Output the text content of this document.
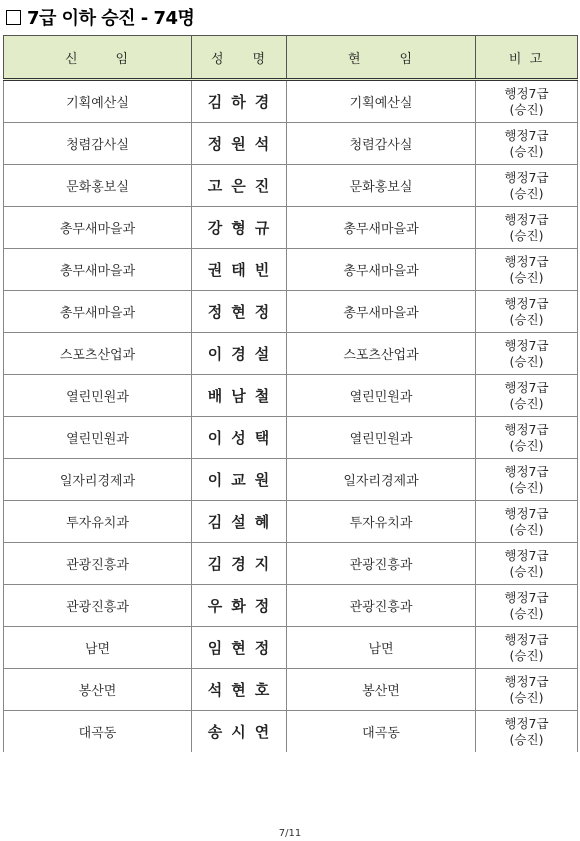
7급 이하 승진 - 74명
신 임	성 명	현 임	비 고
기획예산실	김하경	기획예산실	행정7급
(승진)

청렴감사실	정원석	청렴감사실	행정7급
(승진)

문화홍보실	고은진	문화홍보실	행정7급
(승진)

총무새마을과	강형규	총무새마을과	행정7급
(승진)

총무새마을과	권태빈	총무새마을과	행정7급
(승진)

총무새마을과	정현정	총무새마을과	행정7급
(승진)

스포츠산업과	이경설	스포츠산업과	행정7급
(승진)

열린민원과	배남철	열린민원과	행정7급
(승진)

열린민원과	이성택	열린민원과	행정7급
(승진)

일자리경제과	이교원	일자리경제과	행정7급
(승진)

투자유치과	김설혜	투자유치과	행정7급
(승진)

관광진흥과	김경지	관광진흥과	행정7급
(승진)

관광진흥과	우화정	관광진흥과	행정7급
(승진)

남면	임현정	남면	행정7급
(승진)

봉산면	석현호	봉산면	행정7급
(승진)

대곡동	송시연	대곡동	행정7급
(승진)
7/11
